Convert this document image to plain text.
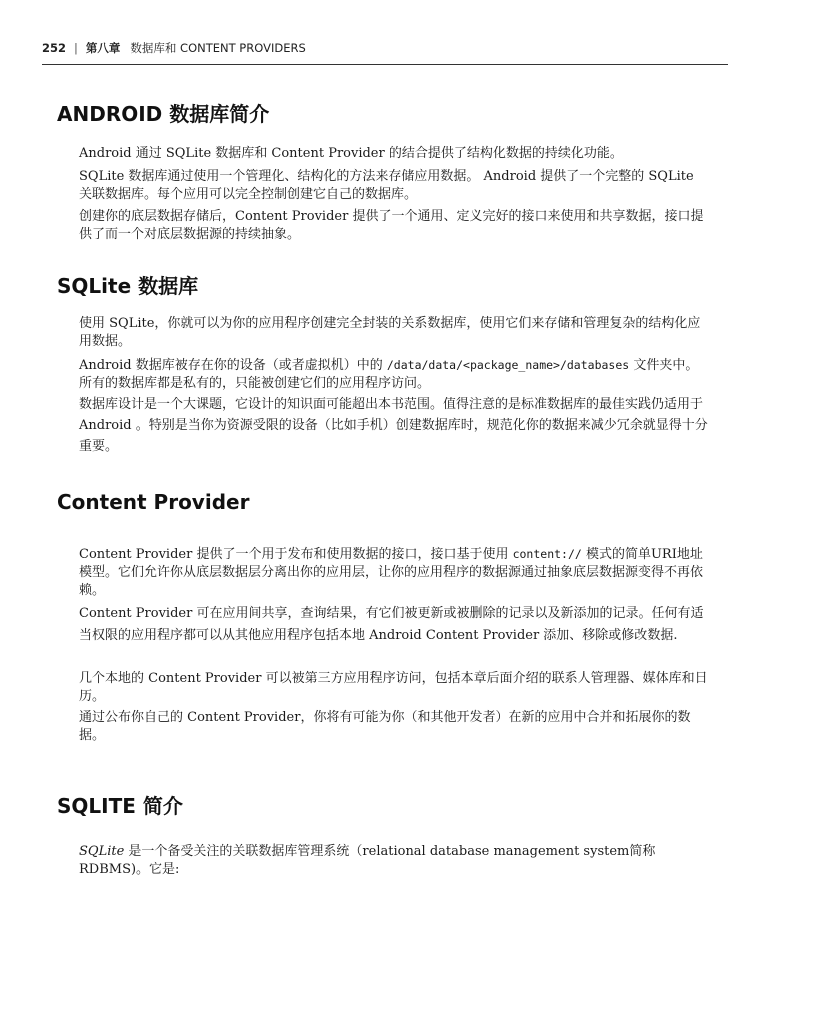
252 | 第八章 数据库和 CONTENT PROVIDERS
ANDROID 数据库简介

Android 通过 SQLite 数据库和 Content Provider 的结合提供了结构化数据的持续化功能。

SQLite 数据库通过使用一个管理化、结构化的方法来存储应用数据。 Android 提供了一个完整的 SQLite 关联数据库。每个应用可以完全控制创建它自己的数据库。

创建你的底层数据存储后，Content Provider 提供了一个通用、定义完好的接口来使用和共享数据，接口提供了而一个对底层数据源的持续抽象。

SQLite 数据库

使用 SQLite，你就可以为你的应用程序创建完全封装的关系数据库，使用它们来存储和管理复杂的结构化应用数据。

Android 数据库被存在你的设备（或者虚拟机）中的 /data/data/<package_name>/databases 文件夹中。所有的数据库都是私有的，只能被创建它们的应用程序访问。

数据库设计是一个大课题，它设计的知识面可能超出本书范围。值得注意的是标准数据库的最佳实践仍适用于 Android 。特别是当你为资源受限的设备（比如手机）创建数据库时，规范化你的数据来减少冗余就显得十分重要。

Content Provider

Content Provider 提供了一个用于发布和使用数据的接口，接口基于使用 content:// 模式的简单URI地址模型。它们允许你从底层数据层分离出你的应用层，让你的应用程序的数据源通过抽象底层数据源变得不再依赖。

Content Provider 可在应用间共享，查询结果，有它们被更新或被删除的记录以及新添加的记录。任何有适当权限的应用程序都可以从其他应用程序包括本地 Android Content Provider 添加、移除或修改数据.

几个本地的 Content Provider 可以被第三方应用程序访问，包括本章后面介绍的联系人管理器、媒体库和日历。

通过公布你自己的 Content Provider，你将有可能为你（和其他开发者）在新的应用中合并和拓展你的数据。

SQLITE 简介

SQLite 是一个备受关注的关联数据库管理系统（relational database management system简称RDBMS)。它是:
